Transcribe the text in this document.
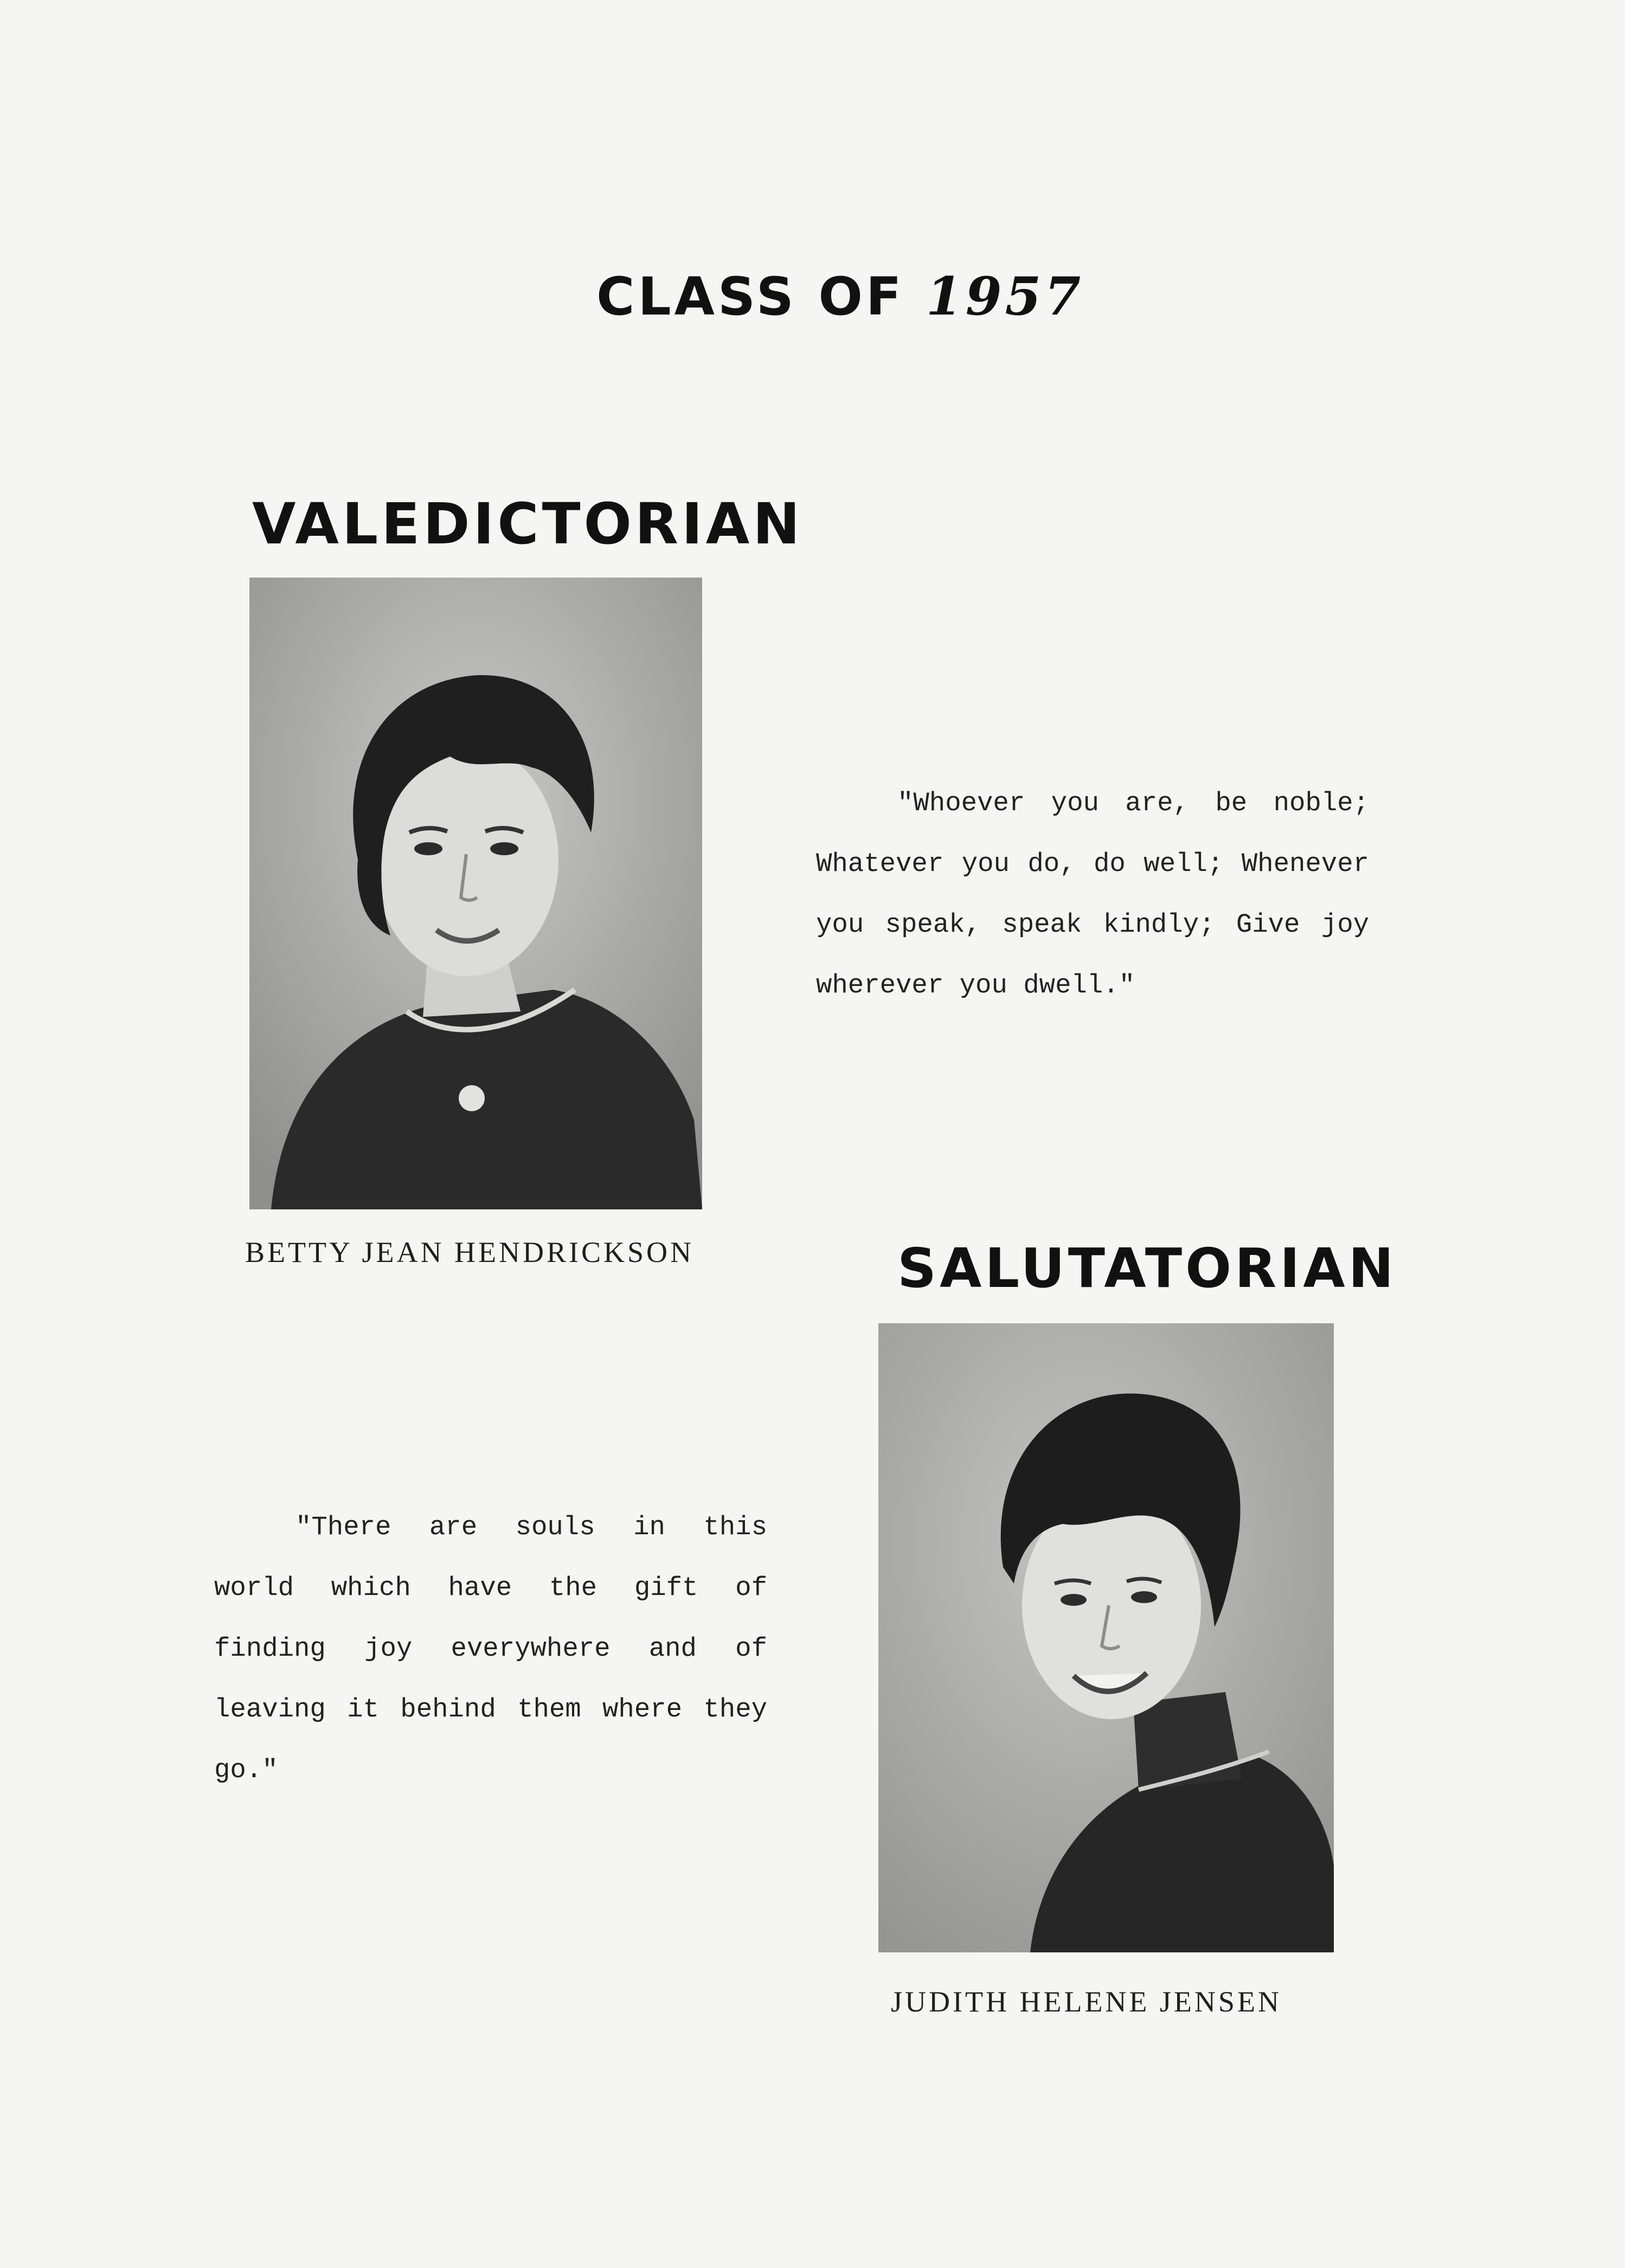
CLASS OF 1957
VALEDICTORIAN
BETTY JEAN HENDRICKSON

"Whoever you are, be noble; Whatever you do, do well; Whenever you speak, speak kindly; Give joy wherever you dwell."

SALUTATORIAN

"There are souls in this world which have the gift of finding joy everywhere and of leaving it behind them where they go."

JUDITH HELENE JENSEN
